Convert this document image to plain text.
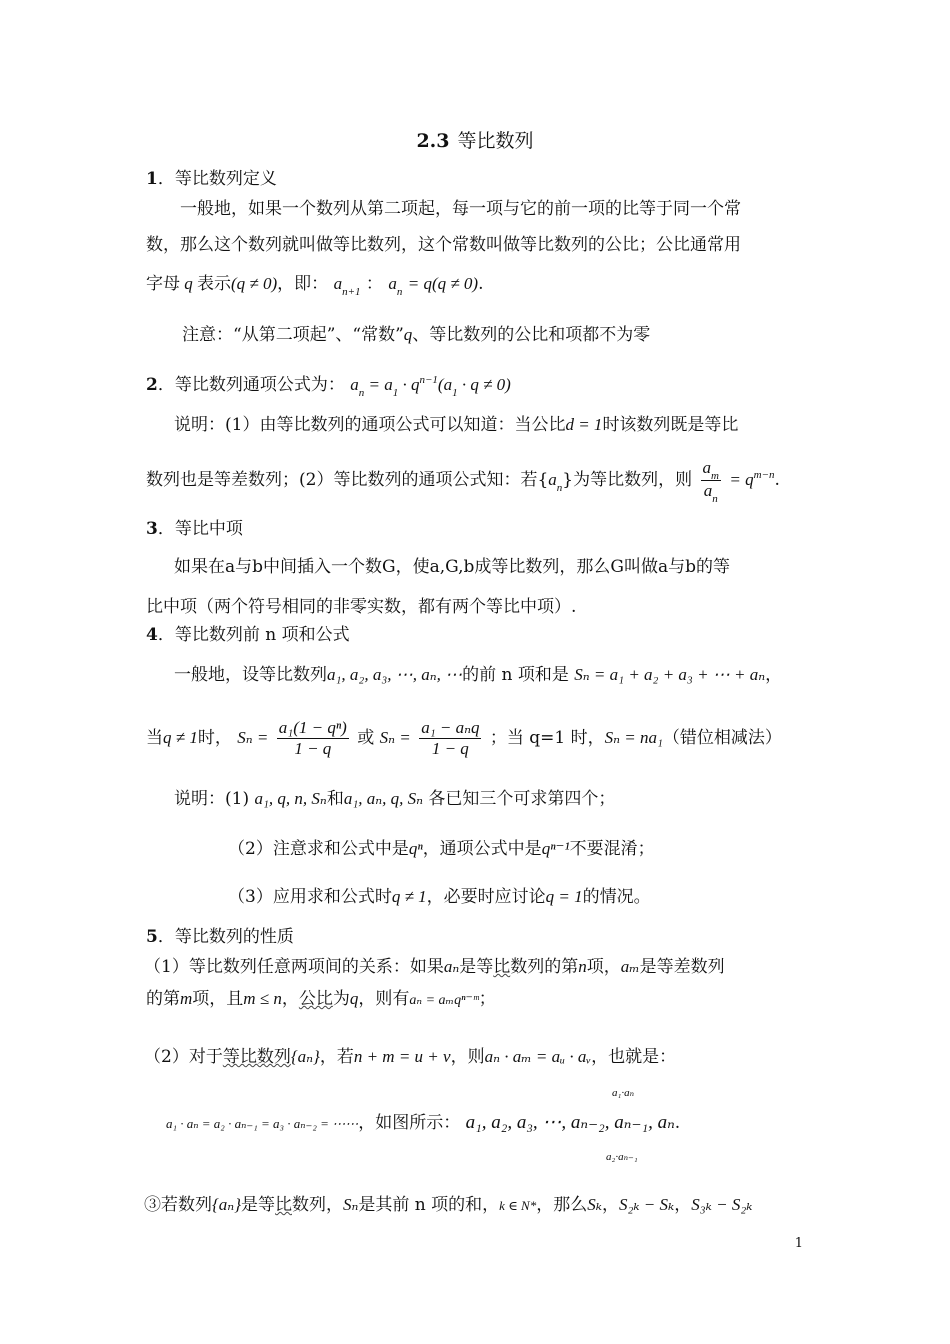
2.3 等比数列
1．等比数列定义
一般地，如果一个数列从第二项起，每一项与它的前一项的比等于同一个常
数，那么这个数列就叫做等比数列，这个常数叫做等比数列的公比；公比通常用
字母 q 表示(q ≠ 0)，即： $a_{n+1}$ ： $a_n = q(q \ne 0)$.
注意：“从第二项起”、“常数”q、等比数列的公比和项都不为零
2．等比数列通项公式为： $a_n = a_1 \cdot q^{n-1}(a_1 \cdot q \ne 0)$
说明：(1）由等比数列的通项公式可以知道：当公比d = 1时该数列既是等比
数列也是等差数列；(2）等比数列的通项公式知：若$\{a_n\}$为等比数列，则 $\frac{a_m}{a_n} = q^{m-n}$.
3．等比中项
如果在a与b中间插入一个数G，使a,G,b成等比数列，那么G叫做a与b的等
比中项（两个符号相同的非零实数，都有两个等比中项）.
4．等比数列前 n 项和公式
一般地，设等比数列a₁, a₂, a₃, ⋯, aₙ, ⋯的前 n 项和是 Sₙ = a₁ + a₂ + a₃ + ⋯ + aₙ，
当q ≠ 1时， $S_n = \frac{\text{a₁(1 − qⁿ)}}{1 - q}$ 或 $S_n = \frac{\text{a₁ − aₙq}}{1 - q}$ ；当 q=1 时，Sₙ = na₁（错位相减法）
说明：(1) a₁, q, n, Sₙ和a₁, aₙ, q, Sₙ 各已知三个可求第四个；
（2）注意求和公式中是qⁿ，通项公式中是qⁿ⁻¹不要混淆；
（3）应用求和公式时q ≠ 1，必要时应讨论q = 1的情况。
5．等比数列的性质
（1）等比数列任意两项间的关系：如果aₙ是等比数列的第n项，aₘ是等差数列
的第m项，且m ≤ n，公比为q，则有aₙ = aₘqⁿ⁻ᵐ；
（2）对于等比数列{aₙ}，若n + m = u + v，则aₙ · aₘ = aᵤ · aᵥ，也就是：
a₁·aₙ
a₁ · aₙ = a₂ · aₙ₋₁ = a₃ · aₙ₋₂ = ⋯⋯，如图所示： a₁, a₂, a₃, ⋯, aₙ₋₂, aₙ₋₁, aₙ.
a₂·aₙ₋₁
③若数列{aₙ}是等比数列，Sₙ是其前 n 项的和，k ∈ N*，那么Sₖ，S₂ₖ − Sₖ，S₃ₖ − S₂ₖ
1
